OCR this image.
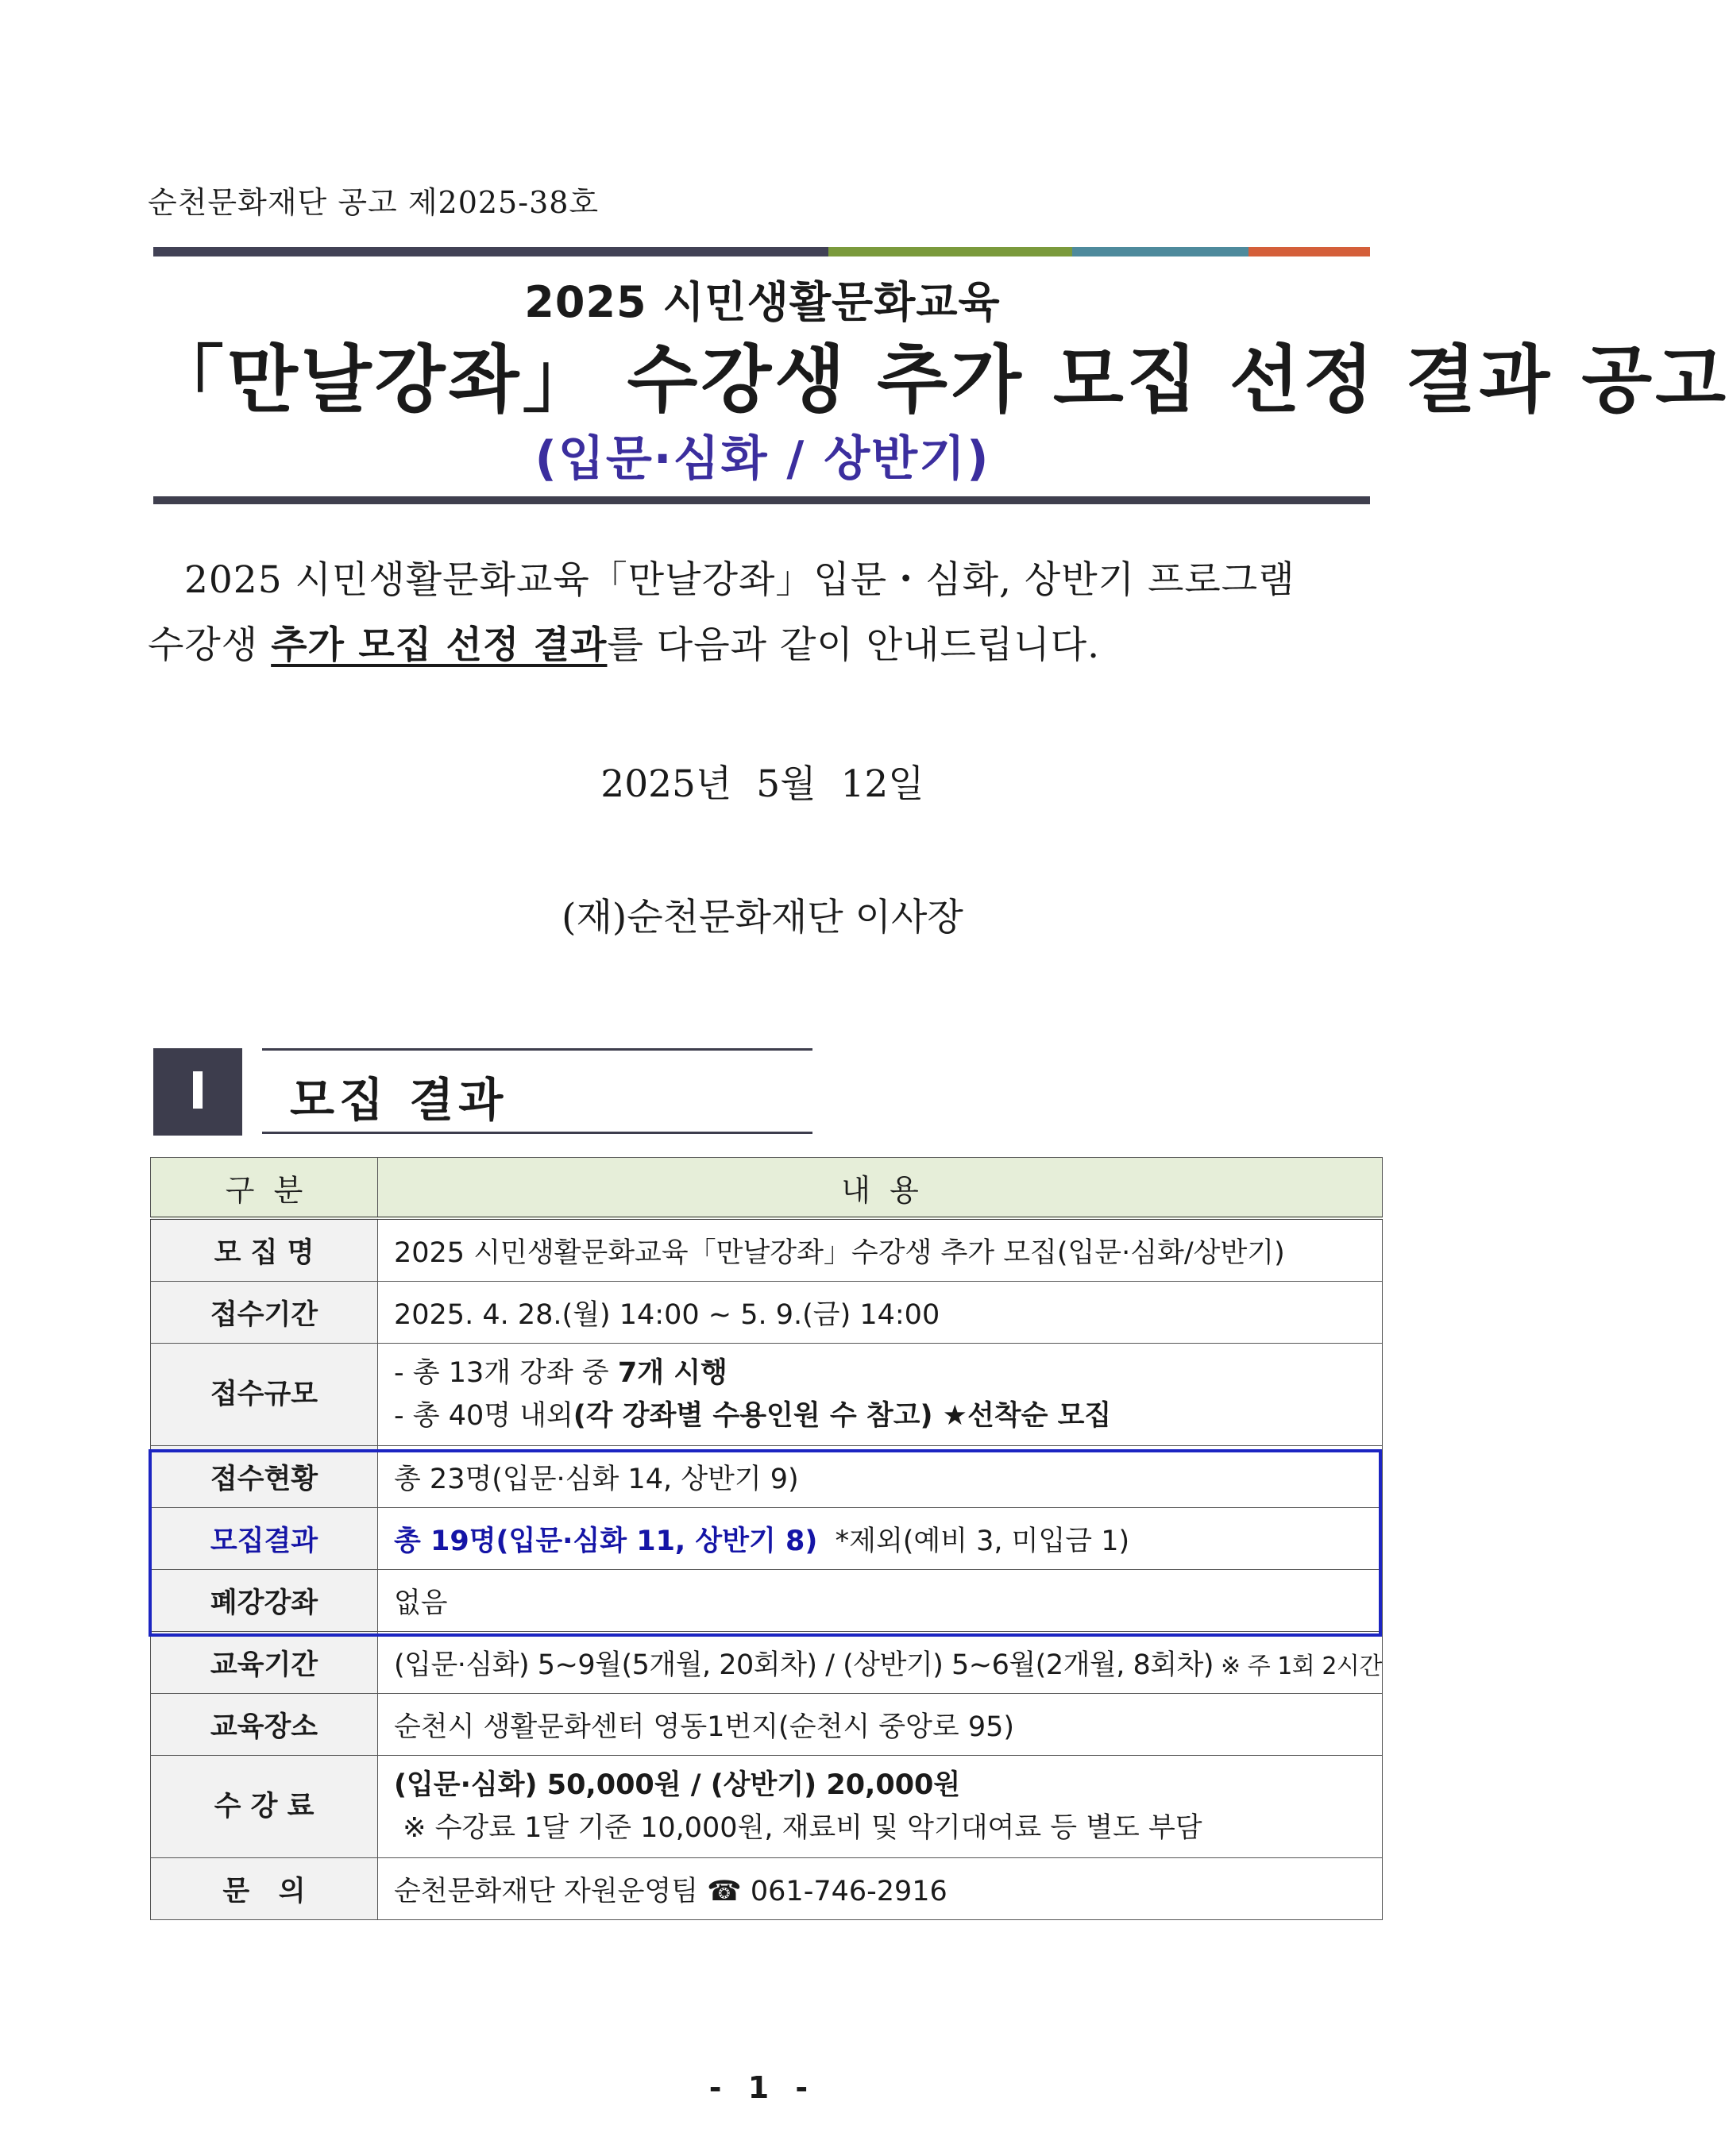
순천문화재단 공고 제2025-38호
2025 시민생활문화교육
「만날강좌」 수강생 추가 모집 선정 결과 공고
(입문·심화 / 상반기)
2025 시민생활문화교육「만날강좌」입문・심화, 상반기 프로그램
수강생 추가 모집 선정 결과를 다음과 같이 안내드립니다.
2025년 5월 12일
(재)순천문화재단 이사장
Ⅰ 모집 결과
구  분	내  용
모 집 명	2025 시민생활문화교육「만날강좌」수강생 추가 모집(입문·심화/상반기)
접수기간	2025. 4. 28.(월) 14:00 ~ 5. 9.(금) 14:00
접수규모	- 총 13개 강좌 중 7개 시행
- 총 40명 내외(각 강좌별 수용인원 수 참고) ★선착순 모집

접수현황	총 23명(입문·심화 14, 상반기 9)
모집결과	총 19명(입문·심화 11, 상반기 8)  *제외(예비 3, 미입금 1)
폐강강좌	없음
교육기간	(입문·심화) 5~9월(5개월, 20회차) / (상반기) 5~6월(2개월, 8회차) ※ 주 1회 2시간
교육장소	순천시 생활문화센터 영동1번지(순천시 중앙로 95)
수 강 료	(입문·심화) 50,000원 / (상반기) 20,000원
※ 수강료 1달 기준 10,000원, 재료비 및 악기대여료 등 별도 부담

문   의	순천문화재단 자원운영팀 ☎ 061-746-2916
- 1 -
